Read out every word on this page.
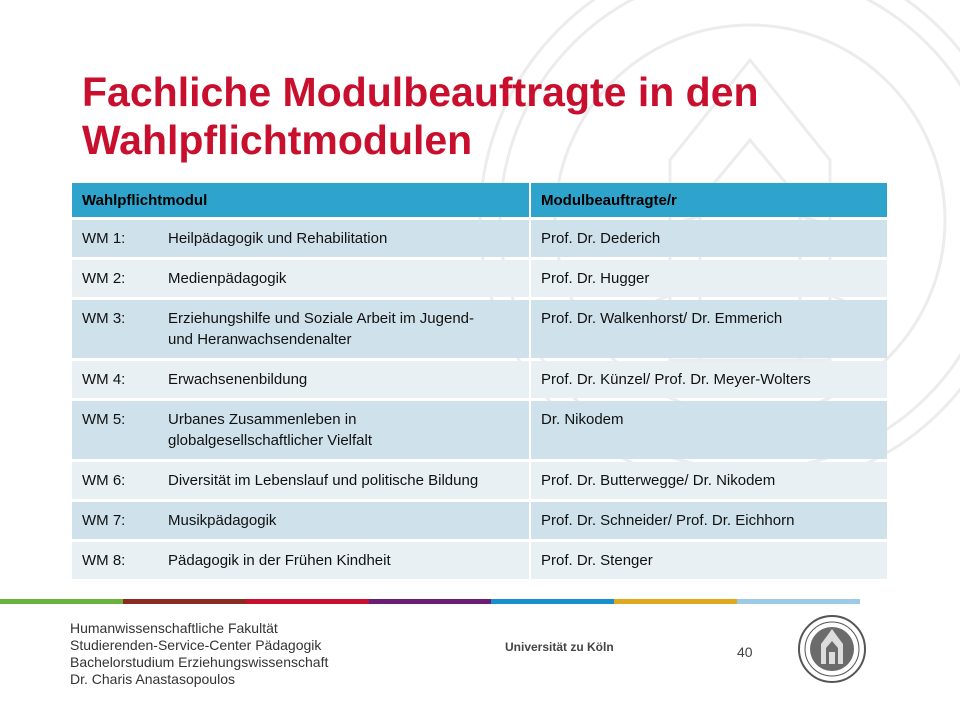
Fachliche Modulbeauftragte in den
Wahlpflichtmodulen
Wahlpflichtmodul	Modulbeauftragte/r
WM 1: Heilpädagogik und Rehabilitation	Prof. Dr. Dederich
WM 2: Medienpädagogik	Prof. Dr. Hugger
WM 3: Erziehungshilfe und Soziale Arbeit im Jugend- und Heranwachsendenalter	Prof. Dr. Walkenhorst/ Dr. Emmerich
WM 4: Erwachsenenbildung	Prof. Dr. Künzel/ Prof. Dr. Meyer-Wolters
WM 5: Urbanes Zusammenleben in globalgesellschaftlicher Vielfalt	Dr. Nikodem
WM 6: Diversität im Lebenslauf und politische Bildung	Prof. Dr. Butterwegge/ Dr. Nikodem
WM 7: Musikpädagogik	Prof. Dr. Schneider/ Prof. Dr. Eichhorn
WM 8: Pädagogik in der Frühen Kindheit	Prof. Dr. Stenger
Humanwissenschaftliche Fakultät
Studierenden-Service-Center Pädagogik
Bachelorstudium Erziehungswissenschaft
Dr. Charis Anastasopoulos
Universität zu Köln	40
